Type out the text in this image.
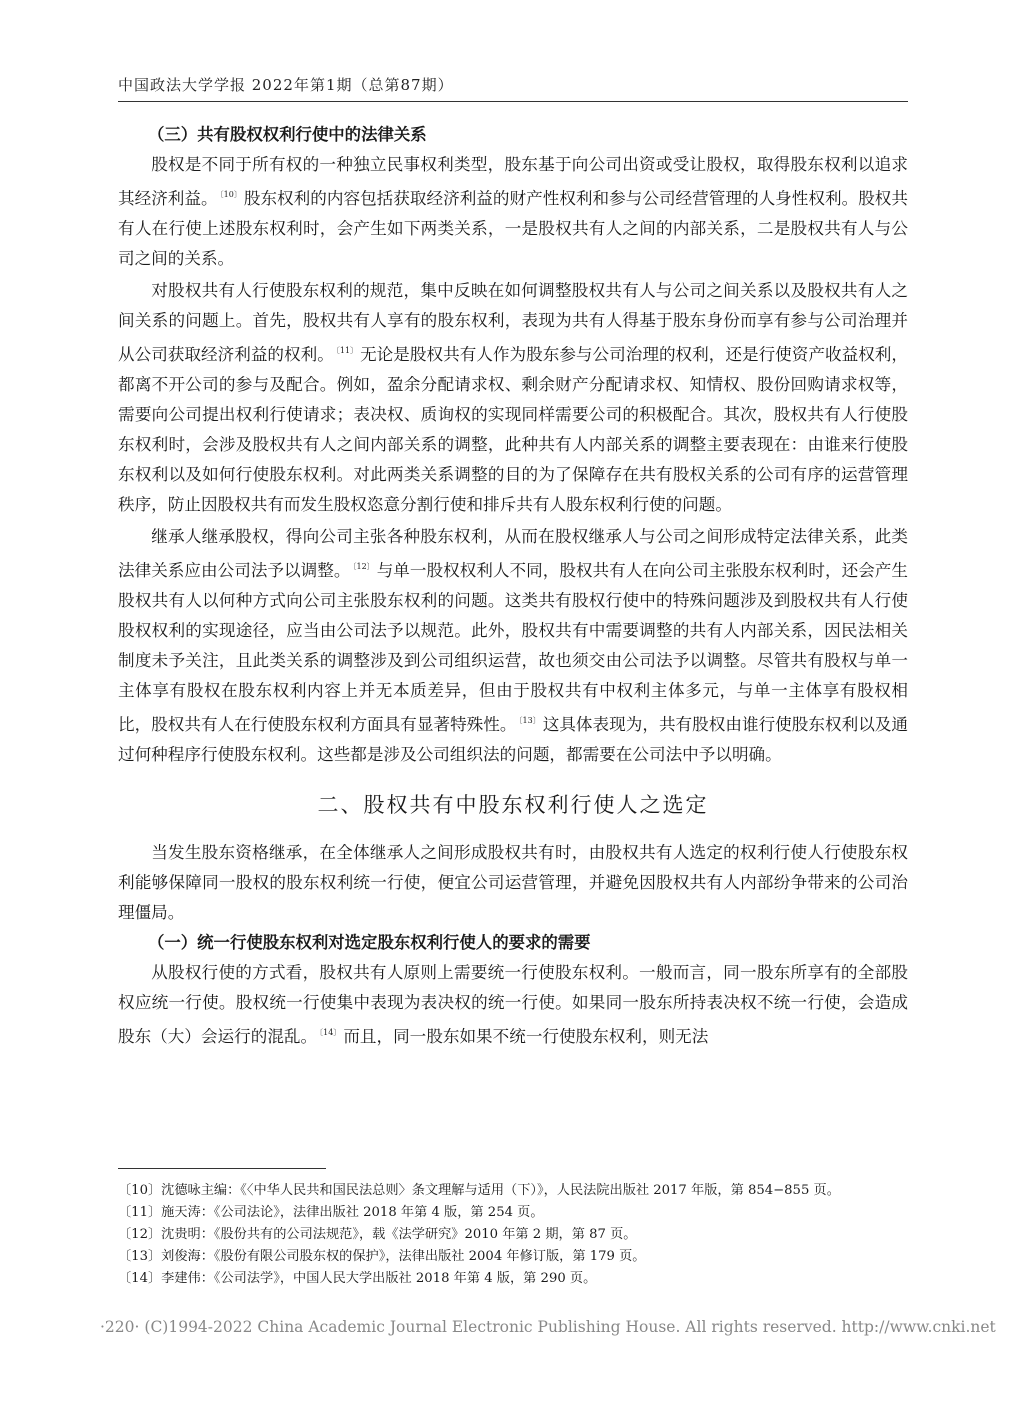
中国政法大学学报 2022年第1期（总第87期）
（三）共有股权权利行使中的法律关系

股权是不同于所有权的一种独立民事权利类型，股东基于向公司出资或受让股权，取得股东权利以追求其经济利益。 $^{〔10〕}$ 股东权利的内容包括获取经济利益的财产性权利和参与公司经营管理的人身性权利。股权共有人在行使上述股东权利时，会产生如下两类关系，一是股权共有人之间的内部关系，二是股权共有人与公司之间的关系。

对股权共有人行使股东权利的规范，集中反映在如何调整股权共有人与公司之间关系以及股权共有人之间关系的问题上。首先，股权共有人享有的股东权利，表现为共有人得基于股东身份而享有参与公司治理并从公司获取经济利益的权利。 $^{〔11〕}$ 无论是股权共有人作为股东参与公司治理的权利，还是行使资产收益权利，都离不开公司的参与及配合。例如，盈余分配请求权、剩余财产分配请求权、知情权、股份回购请求权等，需要向公司提出权利行使请求；表决权、质询权的实现同样需要公司的积极配合。其次，股权共有人行使股东权利时，会涉及股权共有人之间内部关系的调整，此种共有人内部关系的调整主要表现在：由谁来行使股东权利以及如何行使股东权利。对此两类关系调整的目的为了保障存在共有股权关系的公司有序的运营管理秩序，防止因股权共有而发生股权恣意分割行使和排斥共有人股东权利行使的问题。

继承人继承股权，得向公司主张各种股东权利，从而在股权继承人与公司之间形成特定法律关系，此类法律关系应由公司法予以调整。 $^{〔12〕}$ 与单一股权权利人不同，股权共有人在向公司主张股东权利时，还会产生股权共有人以何种方式向公司主张股东权利的问题。这类共有股权行使中的特殊问题涉及到股权共有人行使股权权利的实现途径，应当由公司法予以规范。此外，股权共有中需要调整的共有人内部关系，因民法相关制度未予关注，且此类关系的调整涉及到公司组织运营，故也须交由公司法予以调整。尽管共有股权与单一主体享有股权在股东权利内容上并无本质差异，但由于股权共有中权利主体多元，与单一主体享有股权相比，股权共有人在行使股东权利方面具有显著特殊性。 $^{〔13〕}$ 这具体表现为，共有股权由谁行使股东权利以及通过何种程序行使股东权利。这些都是涉及公司组织法的问题，都需要在公司法中予以明确。

二、股权共有中股东权利行使人之选定

当发生股东资格继承，在全体继承人之间形成股权共有时，由股权共有人选定的权利行使人行使股东权利能够保障同一股权的股东权利统一行使，便宜公司运营管理，并避免因股权共有人内部纷争带来的公司治理僵局。

（一）统一行使股东权利对选定股东权利行使人的要求的需要

从股权行使的方式看，股权共有人原则上需要统一行使股东权利。一般而言，同一股东所享有的全部股权应统一行使。股权统一行使集中表现为表决权的统一行使。如果同一股东所持表决权不统一行使，会造成股东（大）会运行的混乱。 $^{〔14〕}$ 而且，同一股东如果不统一行使股东权利，则无法

〔10〕沈德咏主编：《〈中华人民共和国民法总则〉条文理解与适用（下）》，人民法院出版社 2017 年版，第 854−855 页。
〔11〕施天涛：《公司法论》，法律出版社 2018 年第 4 版，第 254 页。
〔12〕沈贵明：《股份共有的公司法规范》，载《法学研究》2010 年第 2 期，第 87 页。
〔13〕刘俊海：《股份有限公司股东权的保护》，法律出版社 2004 年修订版，第 179 页。
〔14〕李建伟：《公司法学》，中国人民大学出版社 2018 年第 4 版，第 290 页。
·220· (C)1994-2022 China Academic Journal Electronic Publishing House. All rights reserved. http://www.cnki.net
